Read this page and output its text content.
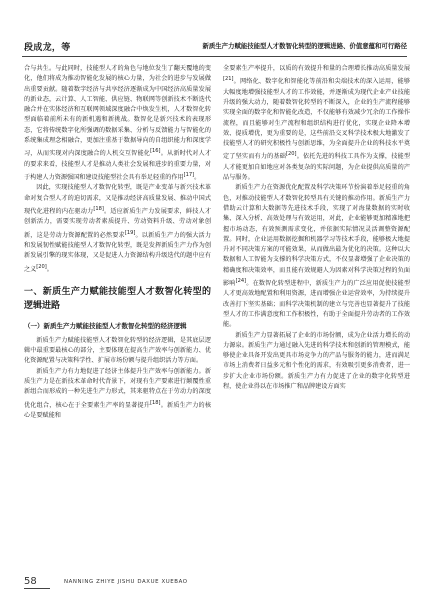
段成龙，等	新质生产力赋能技能型人才数智化转型的逻辑进路、价值意蕴和可行路径

合与共生。与此同时，技能型人才的角色与地位发生了翻天覆地的变化，他们将成为推动智能化发展的核心力量，为社会的进步与发展做出重要贡献。随着数字经济与共享经济逐渐成为中国经济高质量发展的新业态，云计算、人工智能、供应链、物联网等创新技术不断迭代融合并在实体经济和互联网领域深度融合中焕发生机，人才数智化转型面临着前所未有的新机遇和新挑战。数智化是新兴技术的表现形态，它将传统数字化所强调的数据采集、分析与反馈能力与智能化的系统集成理念相融合，更加注重基于数据导向的自组织能力和深度学习，从而实现对内深度融合的人机交互智能化[16]。从新时代对人才的要求来看，技能型人才是推动人类社会发展和进步的重要力量，对于构建人力资源强国和建设技能型社会具有举足轻重的作用[17]。

因此，实现技能型人才数智化转型，既是产业变革与新兴技术革命对复合型人才的迫切需求，又是推动经济高质量发展、推动中国式现代化进程的内在驱动力[18]。适应新质生产力发展要求，鲜技人才创新活力，需要实现劳动者素质提升、劳动资料升级、劳动对象创新，这是劳动力资源配置的必然要求[19]。以新质生产力的强大活力和发展韧性赋能技能型人才数智化转型，既是发挥新质生产力作为创新发展引擎的现实体现，又是促进人力资源结构升级迭代的题中应有之义[20]。

一、新质生产力赋能技能型人才数智化转型的逻辑进路
（一）新质生产力赋能技能型人才数智化转型的经济逻辑

新质生产力赋能技能型人才数智化转型的经济逻辑，是其底层逻辑中最重要最核心的部分，主要体现在提高生产效率与创新能力、优化资源配置与决策科学性、扩展市场份额与提升组织活力等方面。

新质生产力有力地促进了经济主体提升生产效率与创新能力。新质生产力是在新技术革命时代背景下，对现有生产要素进行颠覆性重新组合而形成的一种先进生产力形式，其来驱特点在于劳动力的深度优化组合，核心在于全要素生产率的显著提升[18]。新质生产力的核心是要赋能和

全要素生产率提升，以质的有效提升和量的合理增长推动高质量发展[21]。网络化、数字化和智能化等前沿和尖端技术的深入运用，能够大幅度地增强技能型人才的工作效能，并逐渐成为现代企业产业技能升级的强大动力，随着数智化转型的不断深入，企业的生产流程能够实现全面的数字化和智能化改造，不仅能够有效减少冗余的工作操作流程，而且能够对生产流程和组织结构进行优化，实现企业降本增效、提质增优，更为重要的是，这些前沿交叉科学技术极大地激发了技能型人才的研究积极性与创新思维，为全面提升企业的科技水平奠定了坚实而有力的基础[20]。依托先进的科技工具作为支撑，技能型人才能更加自如地应对各类复杂的实际问题，为企业提供高质量的产品与服务。

新质生产力在资源优化配置及科学决策环节扮演着举足轻重的角色，对推动技能型人才数智化转型具有关键的推动作用。新质生产力借助云计算和大数据等先进技术手段，实现了对海量数据的实时收集、深入分析、高效处理与有效运用，对此，企业能够更加精准地把握市场动态，有效预测需求变化，并依据实际情况灵活调整资源配置。同时，企业运用数据挖掘和机器学习等技术手段，能够极大地提升对不同决策方案的可能效果，从而做出最为优化的决策。这种以大数据和人工智能为支撑的科学决策方式，不仅显著增强了企业决策的精确度和决策效率，而且能有效规避人为因素对科学决策过程的负面影响[24]。在数智化转型进程中，新质生产力的广泛应用促使技能型人才更高效地配置和利用资源，进而增强企业运营效率，为持续提升改善打下坚实基础；而科学决策机制的建立与完善也显著提升了技能型人才的工作满意度和工作积极性，有助于全面提升劳动者的工作效能。

新质生产力显著拓展了企业的市场份额，成为企业活力增长的动力源泉。新质生产力通过融入先进的科学技术和创新的管理模式，能够使企业具备开发出更具市场竞争力的产品与服务的能力，进而满足市场上消费者日益多元和个性化的需求，有效吸引更多消费者，进一步扩大企业市场份额。新质生产力有力促进了企业的数字化转型进程，使企业得以在市场推广和品牌建设方面实

58	NANNING ZHIYE JISHU DAXUE XUEBAO
